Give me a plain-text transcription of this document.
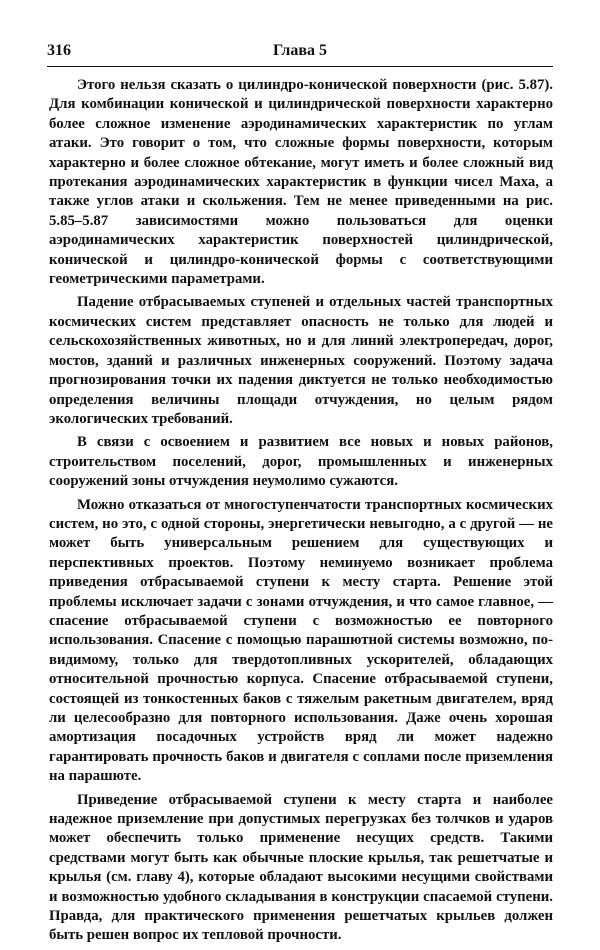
316	Глава 5

Этого нельзя сказать о цилиндро-конической поверхности (рис. 5.87). Для комбинации конической и цилиндрической поверхности характерно более сложное изменение аэродинамических характеристик по углам атаки. Это говорит о том, что сложные формы поверхности, которым характерно и более сложное обтекание, могут иметь и более сложный вид протекания аэродинамических характеристик в функции чисел Маха, а также углов атаки и скольжения. Тем не менее приведенными на рис. 5.85–5.87 зависимостями можно пользоваться для оценки аэродинамических характеристик поверхностей цилиндрической, конической и цилиндро-конической формы с соответствующими геометрическими параметрами.

Падение отбрасываемых ступеней и отдельных частей транспортных космических систем представляет опасность не только для людей и сельскохозяйственных животных, но и для линий электропередач, дорог, мостов, зданий и различных инженерных сооружений. Поэтому задача прогнозирования точки их падения диктуется не только необходимостью определения величины площади отчуждения, но целым рядом экологических требований.

В связи с освоением и развитием все новых и новых районов, строительством поселений, дорог, промышленных и инженерных сооружений зоны отчуждения неумолимо сужаются.

Можно отказаться от многоступенчатости транспортных космических систем, но это, с одной стороны, энергетически невыгодно, а с другой — не может быть универсальным решением для существующих и перспективных проектов. Поэтому неминуемо возникает проблема приведения отбрасываемой ступени к месту старта. Решение этой проблемы исключает задачи с зонами отчуждения, и что самое главное, — спасение отбрасываемой ступени с возможностью ее повторного использования. Спасение с помощью парашютной системы возможно, по-видимому, только для твердотопливных ускорителей, обладающих относительной прочностью корпуса. Спасение отбрасываемой ступени, состоящей из тонкостенных баков с тяжелым ракетным двигателем, вряд ли целесообразно для повторного использования. Даже очень хорошая амортизация посадочных устройств вряд ли может надежно гарантировать прочность баков и двигателя с соплами после приземления на парашюте.

Приведение отбрасываемой ступени к месту старта и наиболее надежное приземление при допустимых перегрузках без толчков и ударов может обеспечить только применение несущих средств. Такими средствами могут быть как обычные плоские крылья, так решетчатые и крылья (см. главу 4), которые обладают высокими несущими свойствами и возможностью удобного складывания в конструкции спасаемой ступени. Правда, для практического применения решетчатых крыльев должен быть решен вопрос их тепловой прочности.
